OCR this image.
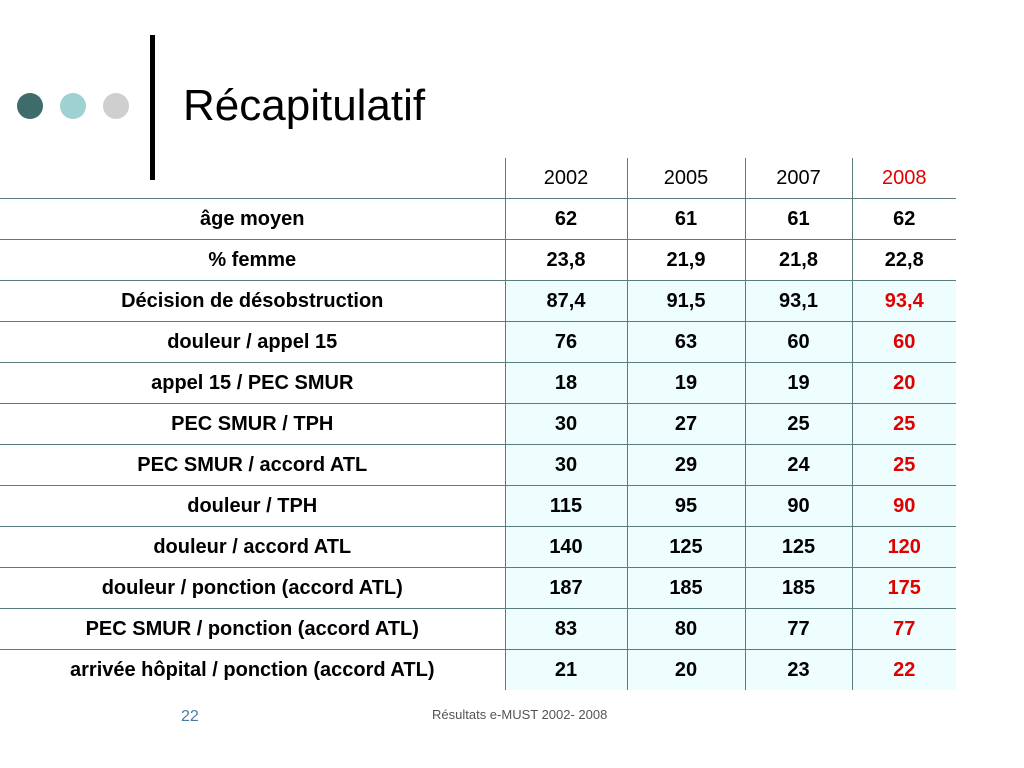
Récapitulatif
	2002	2005	2007	2008
âge moyen	62	61	61	62
% femme	23,8	21,9	21,8	22,8
Décision de désobstruction	87,4	91,5	93,1	93,4
douleur / appel 15	76	63	60	60
appel 15 / PEC SMUR	18	19	19	20
PEC SMUR / TPH	30	27	25	25
PEC SMUR / accord ATL	30	29	24	25
douleur / TPH	115	95	90	90
douleur / accord ATL	140	125	125	120
douleur / ponction (accord ATL)	187	185	185	175
PEC SMUR / ponction (accord ATL)	83	80	77	77
arrivée hôpital / ponction (accord ATL)	21	20	23	22
22	Résultats e-MUST 2002- 2008
